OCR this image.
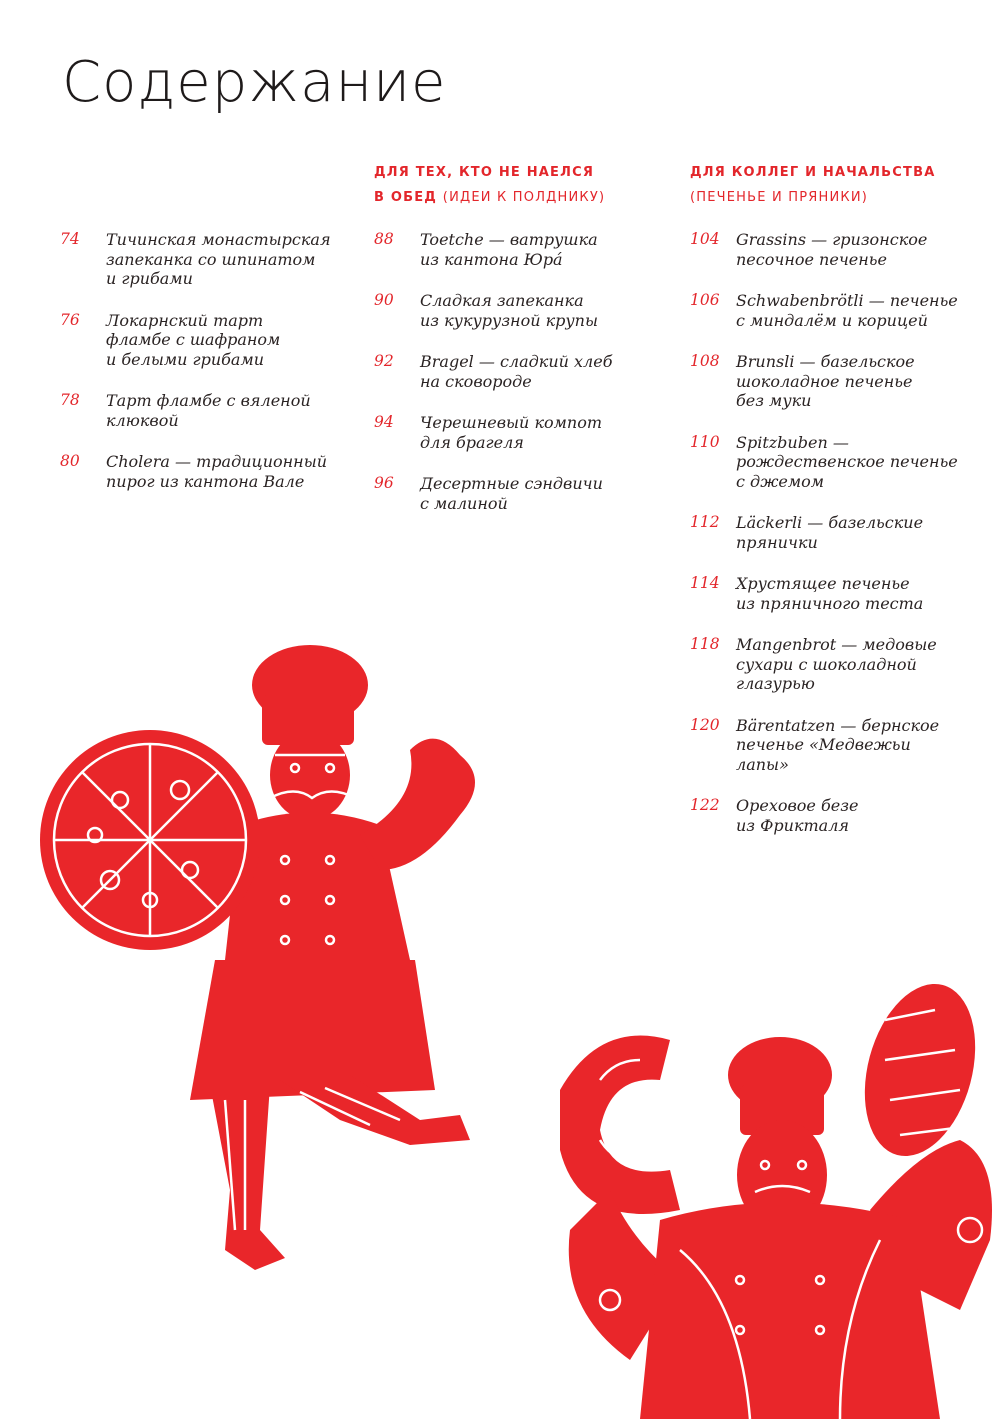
Содержание
74	Тичинская монастырская
запеканка со шпинатом
и грибами
76	Локарнский тарт
фламбе с шафраном
и белыми грибами
78	Тарт фламбе с вяленой
клюквой
80	Cholera — традиционный
пирог из кантона Вале
ДЛЯ ТЕХ, КТО НЕ НАЕЛСЯ
В ОБЕД (ИДЕИ К ПОЛДНИКУ)
88	Toetche — ватрушка
из кантона Юра́
90	Сладкая запеканка
из кукурузной крупы
92	Bragel — сладкий хлеб
на сковороде
94	Черешневый компот
для брагеля
96	Десертные сэндвичи
с малиной
ДЛЯ КОЛЛЕГ И НАЧАЛЬСТВА
(ПЕЧЕНЬЕ И ПРЯНИКИ)
104	Grassins — гризонское
песочное печенье
106	Schwabenbrötli — печенье
с миндалём и корицей
108	Brunsli — базельское
шоколадное печенье
без муки
110	Spitzbuben —
рождественское печенье
с джемом
112	Läckerli — базельские
прянички
114	Хрустящее печенье
из пряничного теста
118	Mangenbrot — медовые
сухари с шоколадной
глазурью
120	Bärentatzen — бернское
печенье «Медвежьи
лапы»
122	Ореховое безе
из Фрикталя
